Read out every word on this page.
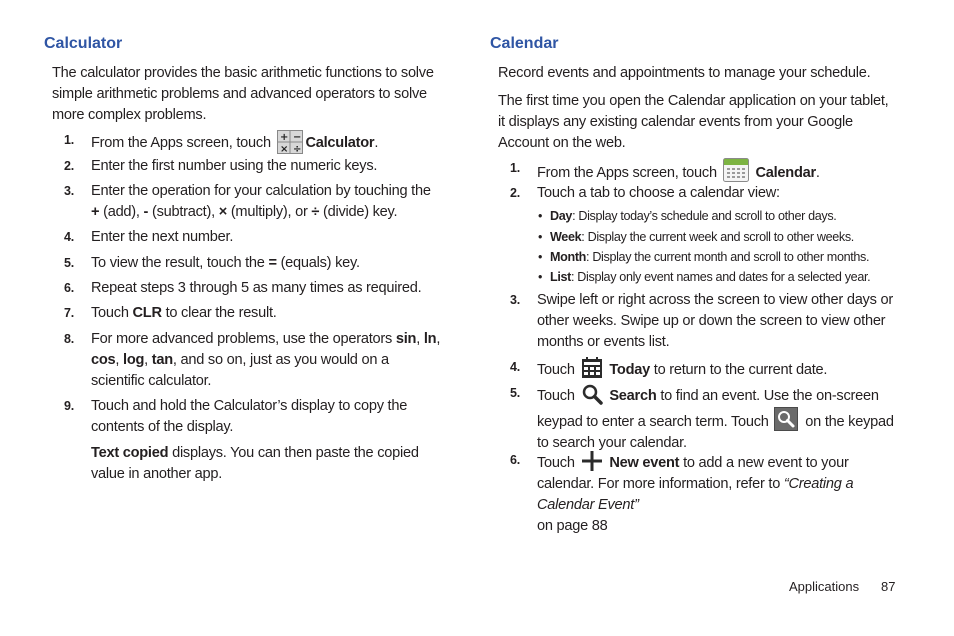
Calculator

The calculator provides the basic arithmetic functions to solve simple arithmetic problems and advanced operators to solve more complex problems.

1. From the Apps screen, touch + −
× ÷ Calculator.
2. Enter the first number using the numeric keys.
3. Enter the operation for your calculation by touching the
+ (add), - (subtract), × (multiply), or ÷ (divide) key.
4. Enter the next number.
5. To view the result, touch the = (equals) key.
6. Repeat steps 3 through 5 as many times as required.
7. Touch CLR to clear the result.
8. For more advanced problems, use the operators sin, ln,
cos, log, tan, and so on, just as you would on a scientific calculator.
9. Touch and hold the Calculator’s display to copy the contents of the display.
Text copied displays. You can then paste the copied value in another app.
Calendar

Record events and appointments to manage your schedule.

The first time you open the Calendar application on your tablet, it displays any existing calendar events from your Google Account on the web.

1. From the Apps screen, touch	Calendar.
2. Touch a tab to choose a calendar view:
• Day: Display today’s schedule and scroll to other days.
• Week: Display the current week and scroll to other weeks.
• Month: Display the current month and scroll to other months.
• List: Display only event names and dates for a selected year.
3. Swipe left or right across the screen to view other days or other weeks. Swipe up or down the screen to view other months or events list.
4. Touch Today to return to the current date.
5. Touch Search to find an event. Use the on-screen keypad to enter a search term. Touch	on the keypad to search your calendar.
6. Touch New event to add a new event to your calendar. For more information, refer to “Creating a Calendar Event”
on page 88
Applications 87
